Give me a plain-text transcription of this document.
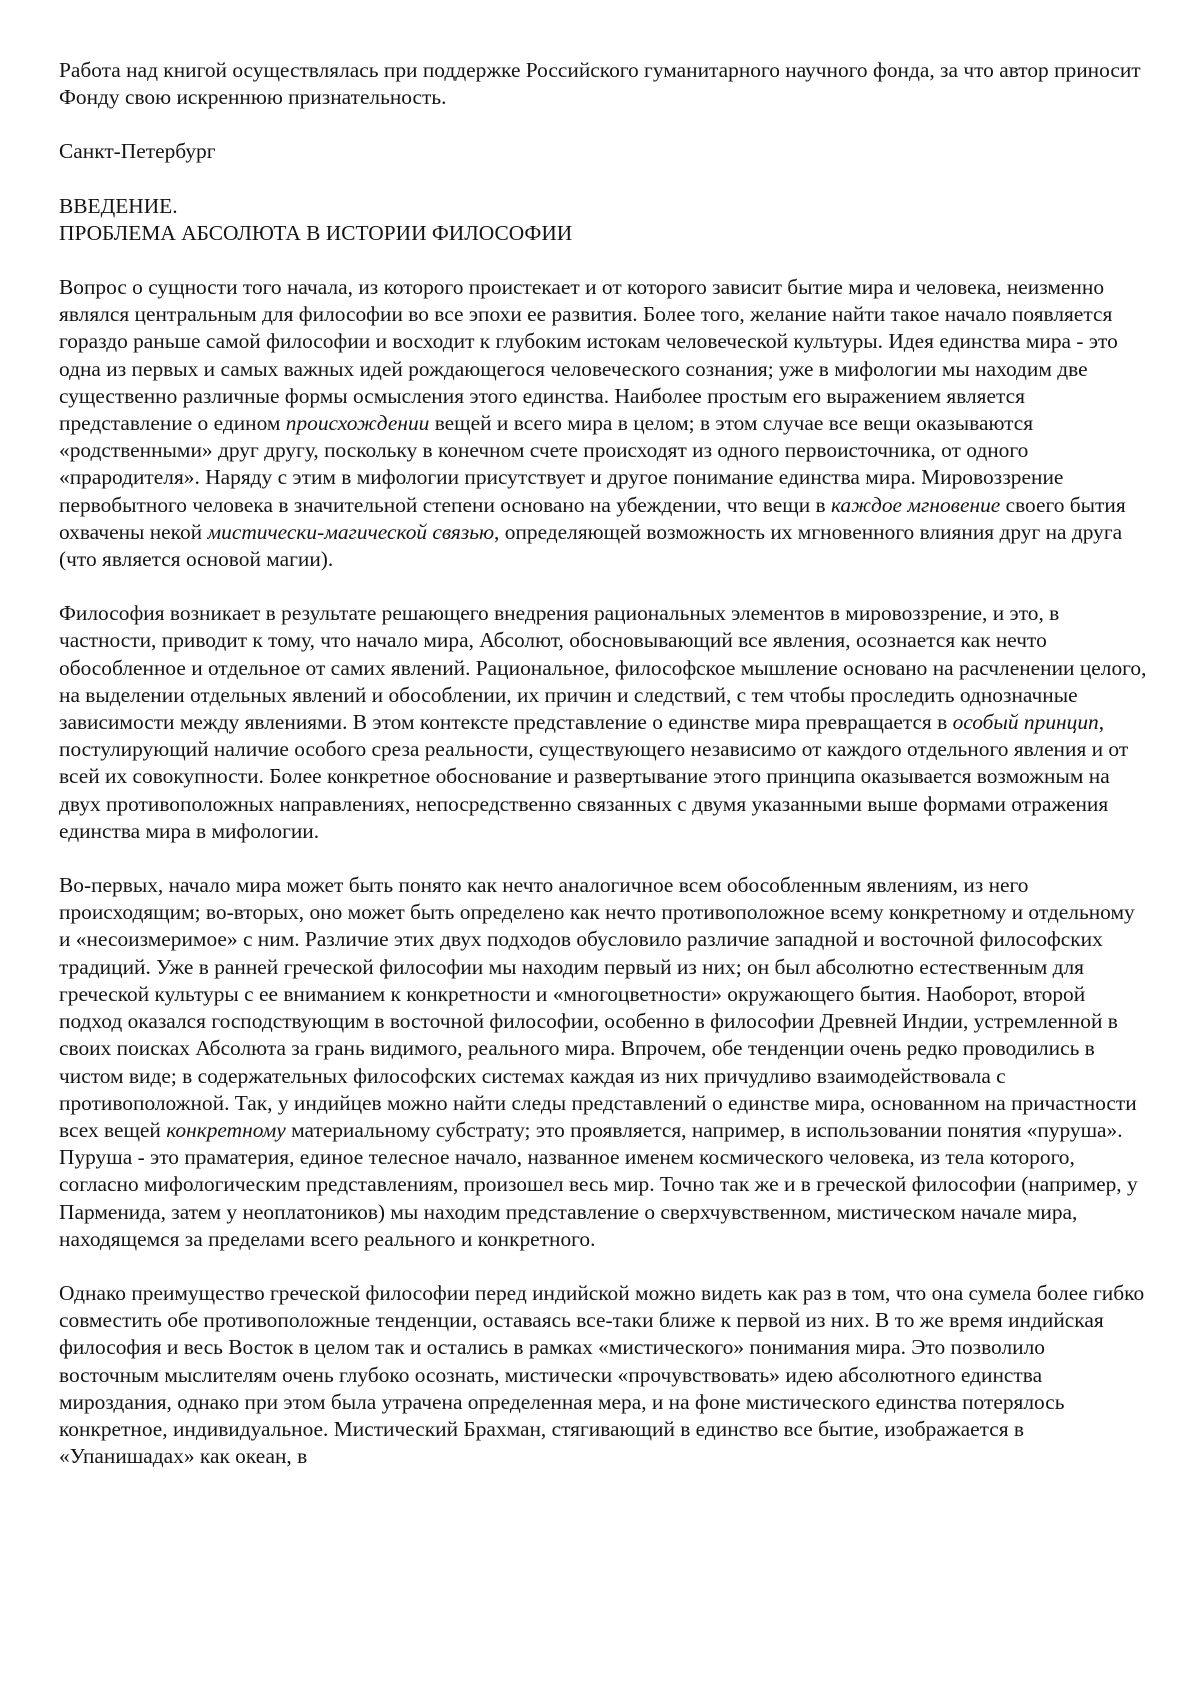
Работа над книгой осуществлялась при поддержке Российского гуманитарного научного фонда, за что автор приносит Фонду свою искреннюю признательность.

Санкт-Петербург

ВВЕДЕНИЕ.

ПРОБЛЕМА АБСОЛЮТА В ИСТОРИИ ФИЛОСОФИИ

Вопрос о сущности того начала, из которого проистекает и от которого зависит бытие мира и человека, неизменно являлся центральным для философии во все эпохи ее развития. Более того, желание найти такое начало появляется гораздо раньше самой философии и восходит к глубоким истокам человеческой культуры. Идея единства мира - это одна из первых и самых важных идей рождающегося человеческого сознания; уже в мифологии мы находим две существенно различные формы осмысления этого единства. Наиболее простым его выражением является представление о едином происхождении вещей и всего мира в целом; в этом случае все вещи оказываются «родственными» друг другу, поскольку в конечном счете происходят из одного первоисточника, от одного «прародителя». Наряду с этим в мифологии присутствует и другое понимание единства мира. Мировоззрение первобытного человека в значительной степени основано на убеждении, что вещи в каждое мгновение своего бытия охвачены некой мистически-магической связью, определяющей возможность их мгновенного влияния друг на друга (что является основой магии).

Философия возникает в результате решающего внедрения рациональных элементов в мировоззрение, и это, в частности, приводит к тому, что начало мира, Абсолют, обосновывающий все явления, осознается как нечто обособленное и отдельное от самих явлений. Рациональное, философское мышление основано на расчленении целого, на выделении отдельных явлений и обособлении, их причин и следствий, с тем чтобы проследить однозначные зависимости между явлениями. В этом контексте представление о единстве мира превращается в особый принцип, постулирующий наличие особого среза реальности, существующего независимо от каждого отдельного явления и от всей их совокупности. Более конкретное обоснование и развертывание этого принципа оказывается возможным на двух противоположных направлениях, непосредственно связанных с двумя указанными выше формами отражения единства мира в мифологии.

Во-первых, начало мира может быть понято как нечто аналогичное всем обособленным явлениям, из него происходящим; во-вторых, оно может быть определено как нечто противоположное всему конкретному и отдельному и «несоизмеримое» с ним. Различие этих двух подходов обусловило различие западной и восточной философских традиций. Уже в ранней греческой философии мы находим первый из них; он был абсолютно естественным для греческой культуры с ее вниманием к конкретности и «многоцветности» окружающего бытия. Наоборот, второй подход оказался господствующим в восточной философии, особенно в философии Древней Индии, устремленной в своих поисках Абсолюта за грань видимого, реального мира. Впрочем, обе тенденции очень редко проводились в чистом виде; в содержательных философских системах каждая из них причудливо взаимодействовала с противоположной. Так, у индийцев можно найти следы представлений о единстве мира, основанном на причастности всех вещей конкретному материальному субстрату; это проявляется, например, в использовании понятия «пуруша». Пуруша - это праматерия, единое телесное начало, названное именем космического человека, из тела которого, согласно мифологическим представлениям, произошел весь мир. Точно так же и в греческой философии (например, у Парменида, затем у неоплатоников) мы находим представление о сверхчувственном, мистическом начале мира, находящемся за пределами всего реального и конкретного.

Однако преимущество греческой философии перед индийской можно видеть как раз в том, что она сумела более гибко совместить обе противоположные тенденции, оставаясь все-таки ближе к первой из них. В то же время индийская философия и весь Восток в целом так и остались в рамках «мистического» понимания мира. Это позволило восточным мыслителям очень глубоко осознать, мистически «прочувствовать» идею абсолютного единства мироздания, однако при этом была утрачена определенная мера, и на фоне мистического единства потерялось конкретное, индивидуальное. Мистический Брахман, стягивающий в единство все бытие, изображается в «Упанишадах» как океан, в
